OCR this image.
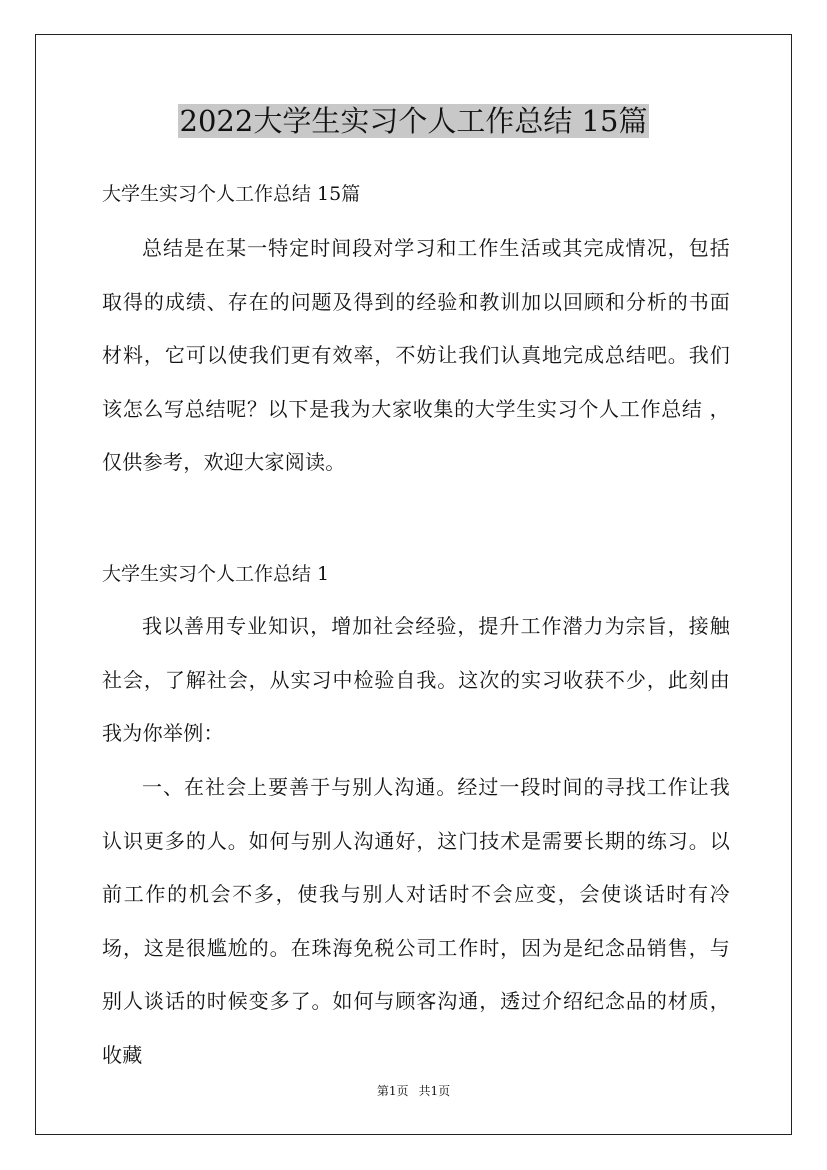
2022大学生实习个人工作总结 15篇

大学生实习个人工作总结 15篇

总结是在某一特定时间段对学习和工作生活或其完成情况，包括取得的成绩、存在的问题及得到的经验和教训加以回顾和分析的书面材料，它可以使我们更有效率，不妨让我们认真地完成总结吧。我们该怎么写总结呢？以下是我为大家收集的大学生实习个人工作总结 ，仅供参考，欢迎大家阅读。

大学生实习个人工作总结 1

我以善用专业知识，增加社会经验，提升工作潜力为宗旨，接触社会，了解社会，从实习中检验自我。这次的实习收获不少，此刻由我为你举例：

一、在社会上要善于与别人沟通。经过一段时间的寻找工作让我认识更多的人。如何与别人沟通好，这门技术是需要长期的练习。以前工作的机会不多，使我与别人对话时不会应变，会使谈话时有冷场，这是很尴尬的。在珠海免税公司工作时，因为是纪念品销售，与别人谈话的时候变多了。如何与顾客沟通，透过介绍纪念品的材质，收藏

第1页 共1页
